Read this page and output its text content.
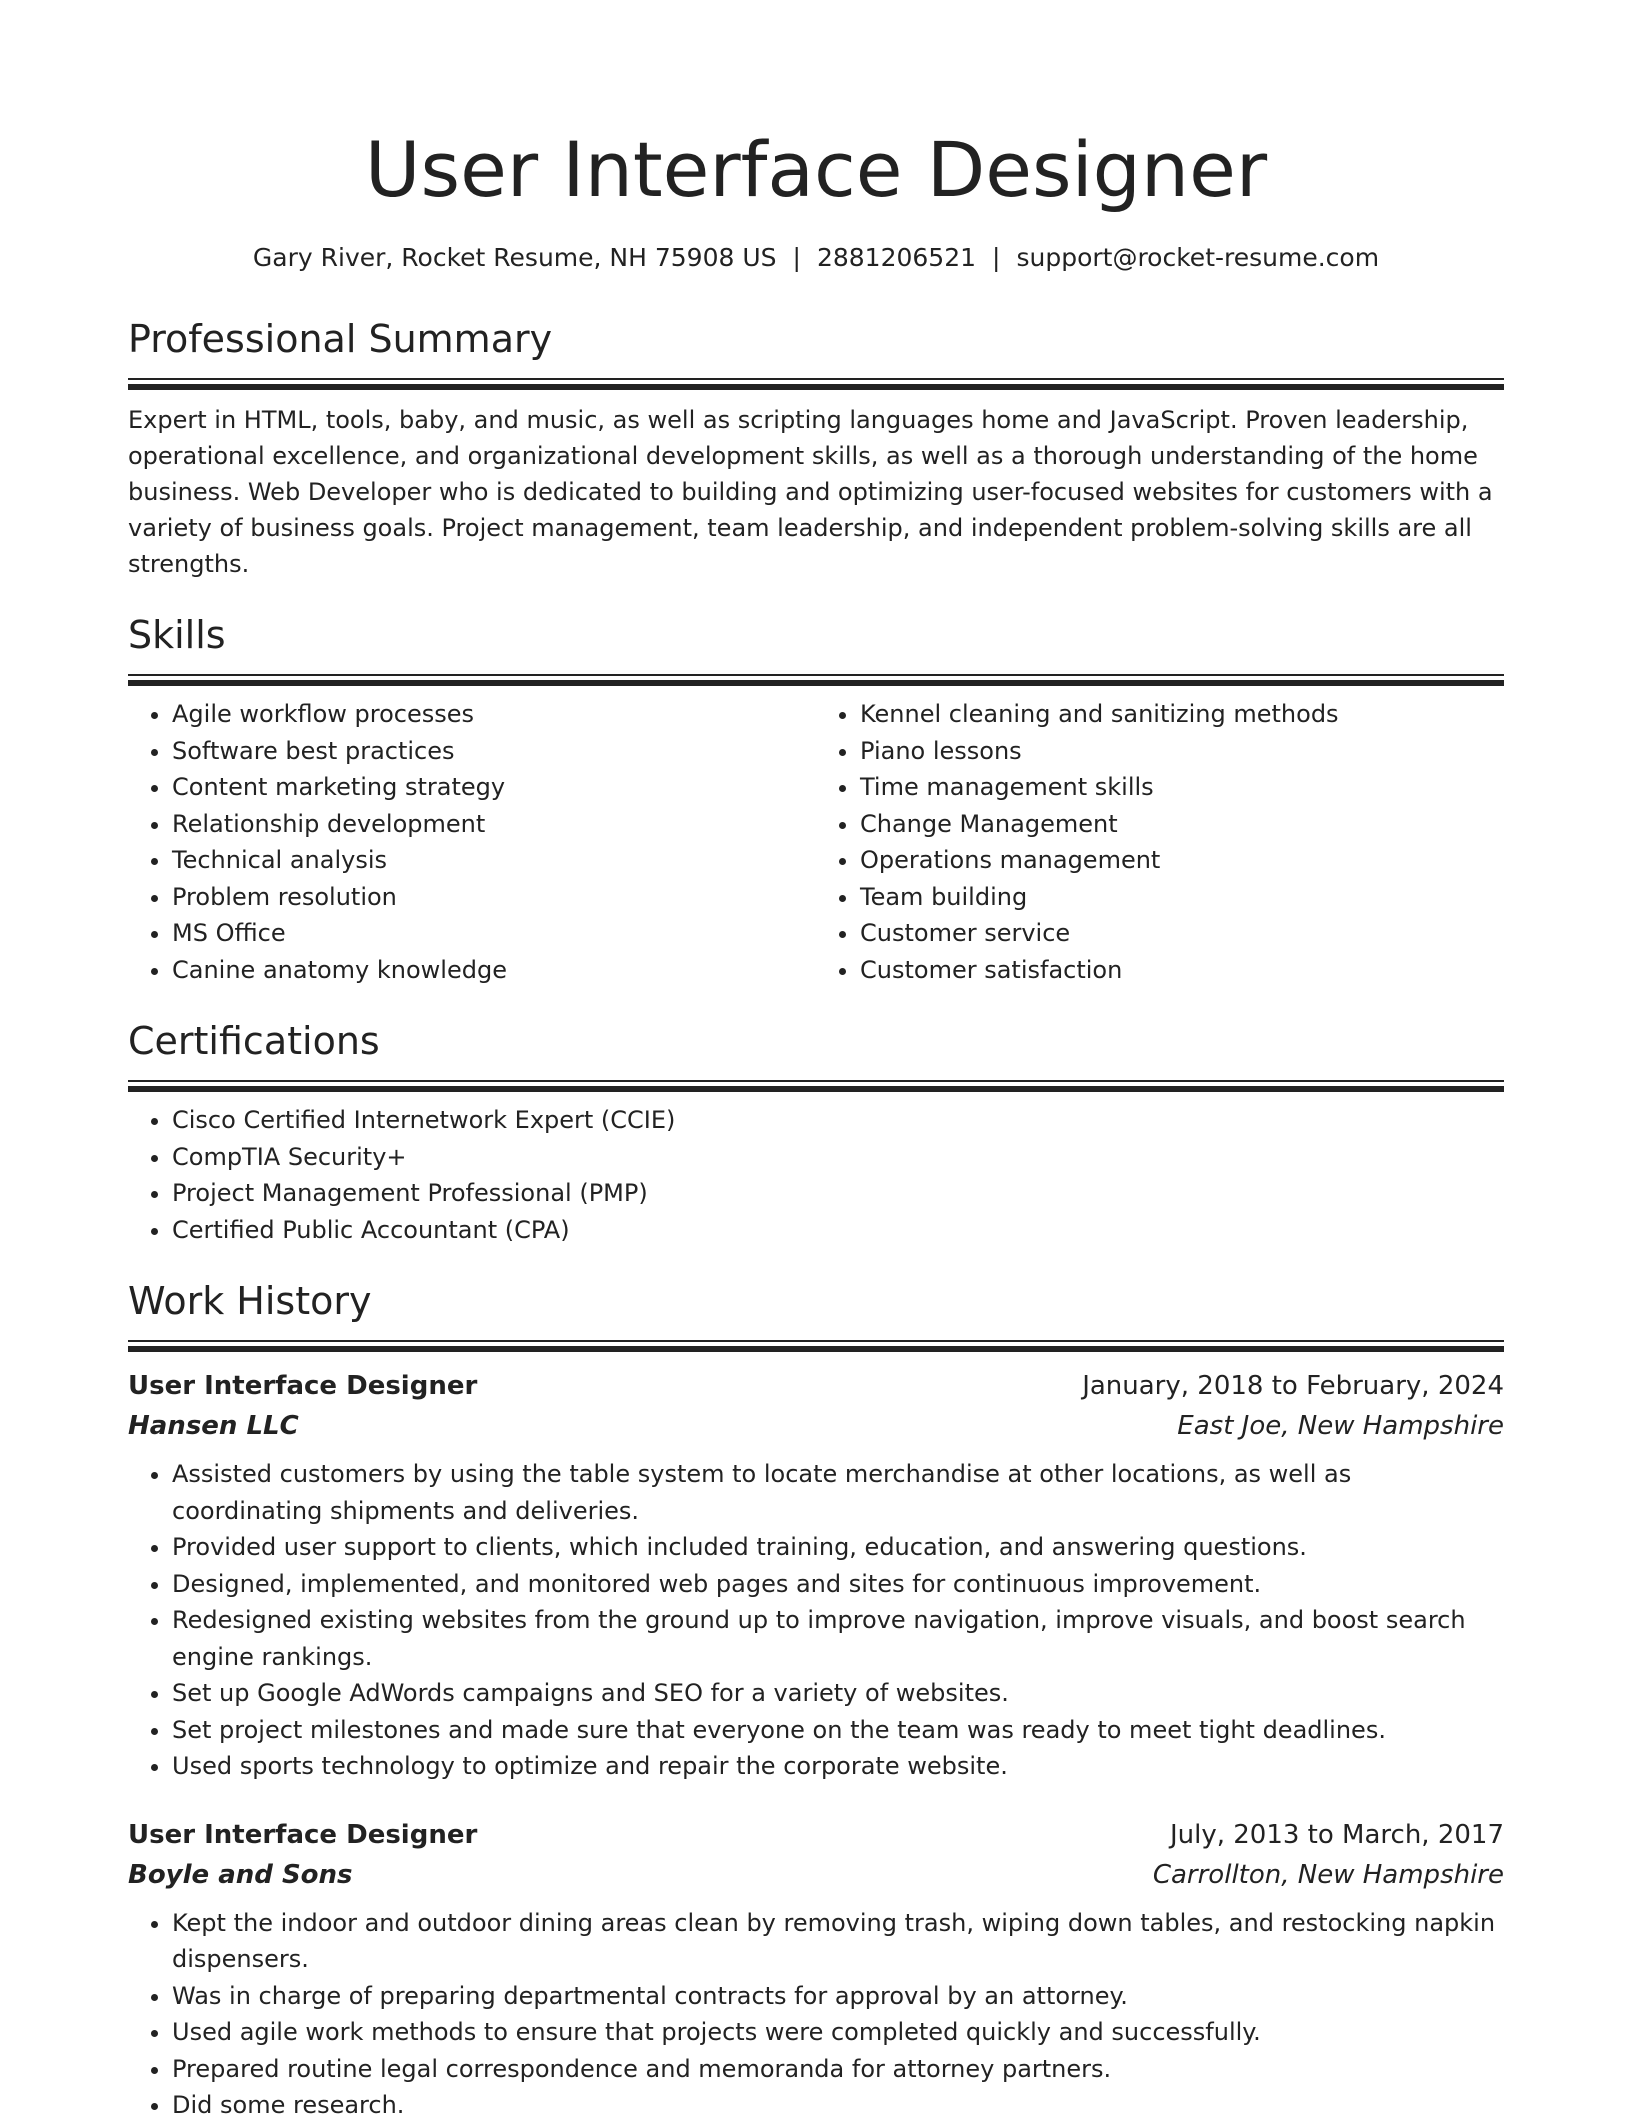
User Interface Designer
Gary River, Rocket Resume, NH 75908 US | 2881206521 | support@rocket-resume.com
Professional Summary

Expert in HTML, tools, baby, and music, as well as scripting languages home and JavaScript. Proven leadership, operational excellence, and organizational development skills, as well as a thorough understanding of the home business. Web Developer who is dedicated to building and optimizing user-focused websites for customers with a variety of business goals. Project management, team leadership, and independent problem-solving skills are all strengths.

Skills
• Agile workflow processes
• Software best practices
• Content marketing strategy
• Relationship development
• Technical analysis
• Problem resolution
• MS Office
• Canine anatomy knowledge
• Kennel cleaning and sanitizing methods
• Piano lessons
• Time management skills
• Change Management
• Operations management
• Team building
• Customer service
• Customer satisfaction
Certifications
• Cisco Certified Internetwork Expert (CCIE)
• CompTIA Security+
• Project Management Professional (PMP)
• Certified Public Accountant (CPA)
Work History
User Interface Designer	January, 2018 to February, 2024
Hansen LLC	East Joe, New Hampshire
• Assisted customers by using the table system to locate merchandise at other locations, as well as coordinating shipments and deliveries.
• Provided user support to clients, which included training, education, and answering questions.
• Designed, implemented, and monitored web pages and sites for continuous improvement.
• Redesigned existing websites from the ground up to improve navigation, improve visuals, and boost search engine rankings.
• Set up Google AdWords campaigns and SEO for a variety of websites.
• Set project milestones and made sure that everyone on the team was ready to meet tight deadlines.
• Used sports technology to optimize and repair the corporate website.
User Interface Designer	July, 2013 to March, 2017
Boyle and Sons	Carrollton, New Hampshire
• Kept the indoor and outdoor dining areas clean by removing trash, wiping down tables, and restocking napkin dispensers.
• Was in charge of preparing departmental contracts for approval by an attorney.
• Used agile work methods to ensure that projects were completed quickly and successfully.
• Prepared routine legal correspondence and memoranda for attorney partners.
• Did some research.
